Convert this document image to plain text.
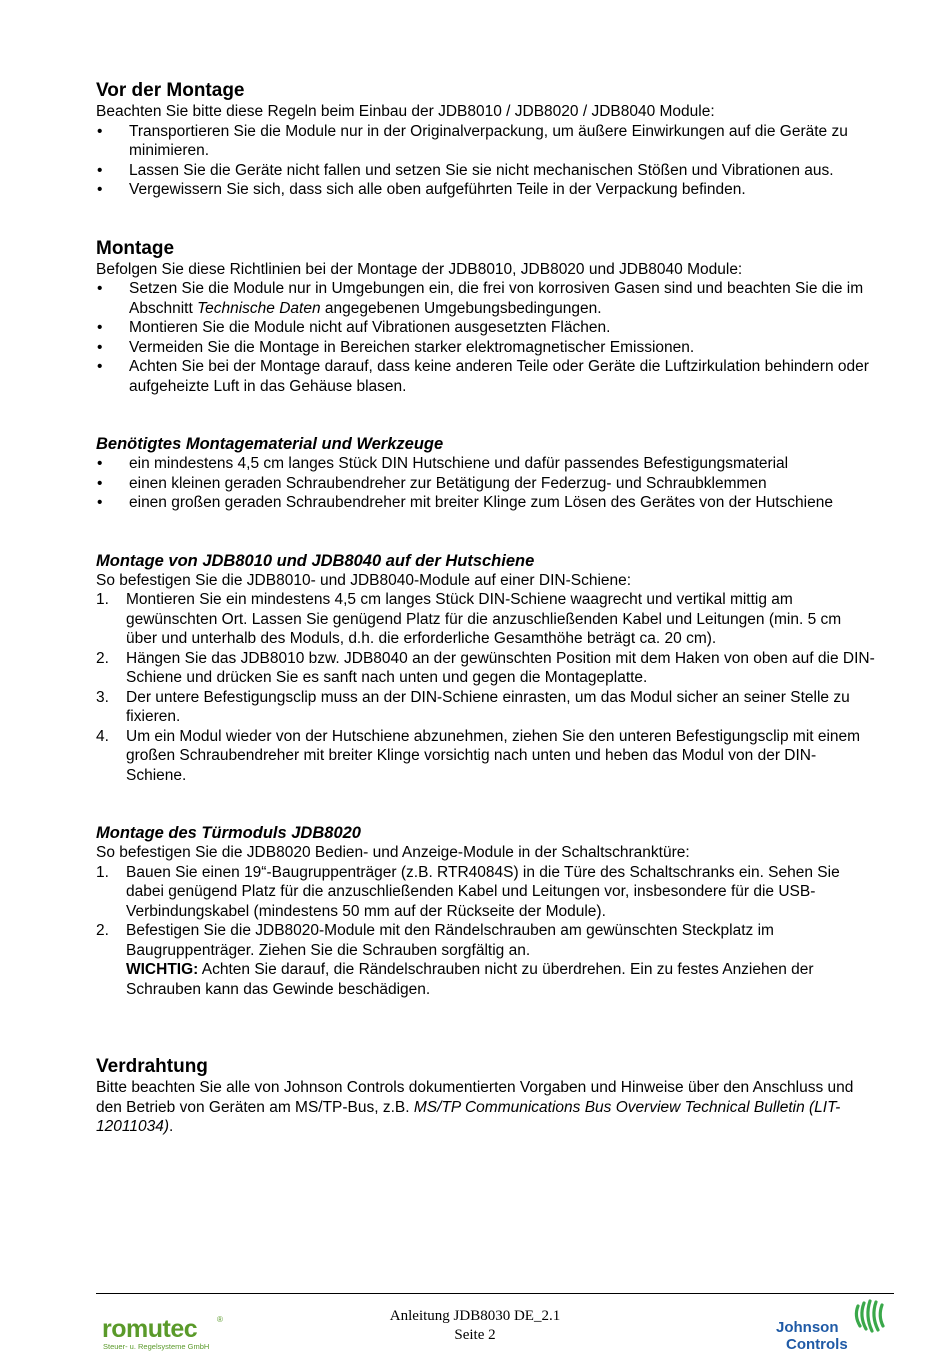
Vor der Montage

Beachten Sie bitte diese Regeln beim Einbau der JDB8010 / JDB8020 / JDB8040 Module:

• Transportieren Sie die Module nur in der Originalverpackung, um äußere Einwirkungen auf die Geräte zu minimieren.
• Lassen Sie die Geräte nicht fallen und setzen Sie sie nicht mechanischen Stößen und Vibrationen aus.
• Vergewissern Sie sich, dass sich alle oben aufgeführten Teile in der Verpackung befinden.
Montage

Befolgen Sie diese Richtlinien bei der Montage der JDB8010, JDB8020 und JDB8040 Module:

• Setzen Sie die Module nur in Umgebungen ein, die frei von korrosiven Gasen sind und beachten Sie die im Abschnitt Technische Daten angegebenen Umgebungsbedingungen.
• Montieren Sie die Module nicht auf Vibrationen ausgesetzten Flächen.
• Vermeiden Sie die Montage in Bereichen starker elektromagnetischer Emissionen.
• Achten Sie bei der Montage darauf, dass keine anderen Teile oder Geräte die Luftzirkulation behindern oder aufgeheizte Luft in das Gehäuse blasen.
Benötigtes Montagematerial und Werkzeuge
• ein mindestens 4,5 cm langes Stück DIN Hutschiene und dafür passendes Befestigungsmaterial
• einen kleinen geraden Schraubendreher zur Betätigung der Federzug- und Schraubklemmen
• einen großen geraden Schraubendreher mit breiter Klinge zum Lösen des Gerätes von der Hutschiene
Montage von JDB8010 und JDB8040 auf der Hutschiene

So befestigen Sie die JDB8010- und JDB8040-Module auf einer DIN-Schiene:

1. Montieren Sie ein mindestens 4,5 cm langes Stück DIN-Schiene waagrecht und vertikal mittig am gewünschten Ort. Lassen Sie genügend Platz für die anzuschließenden Kabel und Leitungen (min. 5 cm über und unterhalb des Moduls, d.h. die erforderliche Gesamthöhe beträgt ca. 20 cm).
2. Hängen Sie das JDB8010 bzw. JDB8040 an der gewünschten Position mit dem Haken von oben auf die DIN-Schiene und drücken Sie es sanft nach unten und gegen die Montageplatte.
3. Der untere Befestigungsclip muss an der DIN-Schiene einrasten, um das Modul sicher an seiner Stelle zu fixieren.
4. Um ein Modul wieder von der Hutschiene abzunehmen, ziehen Sie den unteren Befestigungsclip mit einem großen Schraubendreher mit breiter Klinge vorsichtig nach unten und heben das Modul von der DIN-Schiene.
Montage des Türmoduls JDB8020

So befestigen Sie die JDB8020 Bedien- und Anzeige-Module in der Schaltschranktüre:

1. Bauen Sie einen 19“-Baugruppenträger (z.B. RTR4084S) in die Türe des Schaltschranks ein. Sehen Sie dabei genügend Platz für die anzuschließenden Kabel und Leitungen vor, insbesondere für die USB-Verbindungskabel (mindestens 50 mm auf der Rückseite der Module).
2. Befestigen Sie die JDB8020-Module mit den Rändelschrauben am gewünschten Steckplatz im Baugruppenträger. Ziehen Sie die Schrauben sorgfältig an.
WICHTIG: Achten Sie darauf, die Rändelschrauben nicht zu überdrehen. Ein zu festes Anziehen der Schrauben kann das Gewinde beschädigen.
Verdrahtung

Bitte beachten Sie alle von Johnson Controls dokumentierten Vorgaben und Hinweise über den Anschluss und den Betrieb von Geräten am MS/TP-Bus, z.B. MS/TP Communications Bus Overview Technical Bulletin (LIT-12011034).

romutec ®
Steuer- u. Regelsysteme GmbH
Anleitung JDB8030 DE_2.1
Seite 2	Johnson
Controls
